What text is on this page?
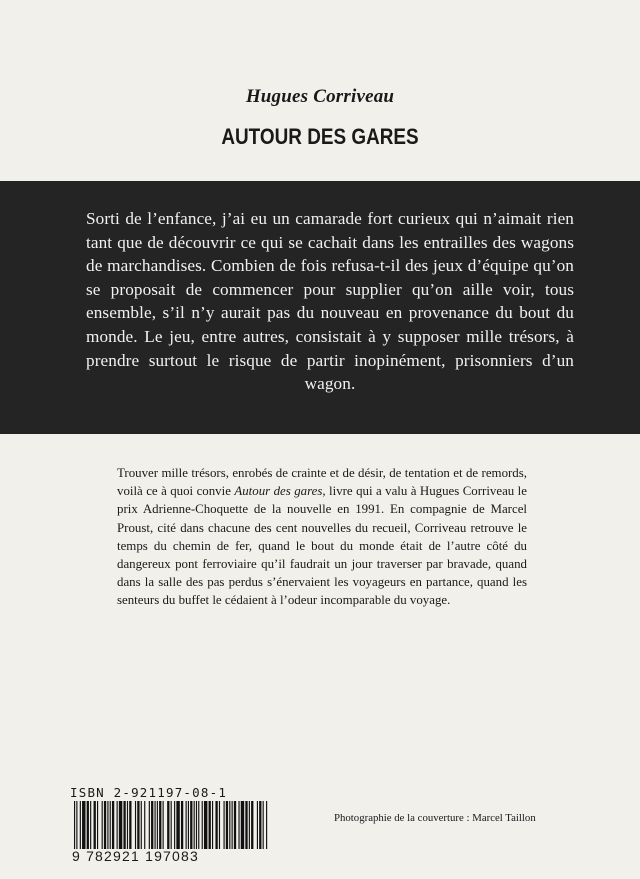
Hugues Corriveau
AUTOUR DES GARES

Sorti de l’enfance, j’ai eu un camarade fort curieux qui n’aimait rien tant que de découvrir ce qui se cachait dans les entrailles des wagons de marchandises. Combien de fois refusa-t-il des jeux d’équipe qu’on se proposait de commencer pour supplier qu’on aille voir, tous ensemble, s’il n’y aurait pas du nouveau en provenance du bout du monde. Le jeu, entre autres, consistait à y supposer mille trésors, à prendre surtout le risque de partir inopinément, prisonniers d’un wagon.

Trouver mille trésors, enrobés de crainte et de désir, de tentation et de remords, voilà ce à quoi convie Autour des gares, livre qui a valu à Hugues Corriveau le prix Adrienne-Choquette de la nouvelle en 1991. En compagnie de Marcel Proust, cité dans chacune des cent nouvelles du recueil, Corriveau retrouve le temps du chemin de fer, quand le bout du monde était de l’autre côté du dangereux pont ferroviaire qu’il faudrait un jour traverser par bravade, quand dans la salle des pas perdus s’énervaient les voyageurs en partance, quand les senteurs du buffet le cédaient à l’odeur incomparable du voyage.

ISBN 2-921197-08-1
9 782921 197083
Photographie de la couverture : Marcel Taillon
